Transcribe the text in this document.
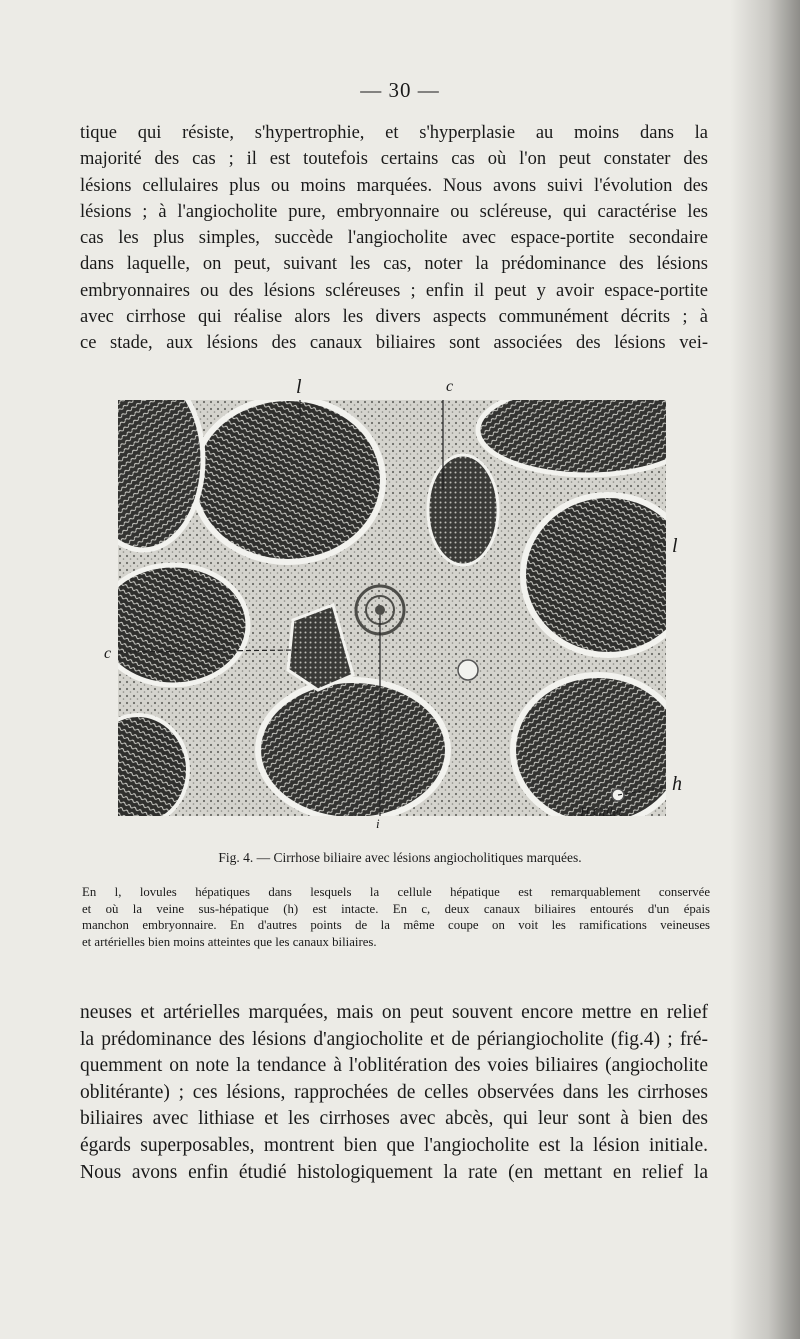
— 30 —
tique qui résiste, s'hypertrophie, et s'hyperplasie au moins dans la
majorité des cas ; il est toutefois certains cas où l'on peut constater des
lésions cellulaires plus ou moins marquées. Nous avons suivi l'évolution des
lésions ; à l'angiocholite pure, embryonnaire ou scléreuse, qui caractérise les
cas les plus simples, succède l'angiocholite avec espace-portite secondaire
dans laquelle, on peut, suivant les cas, noter la prédominance des lésions
embryonnaires ou des lésions scléreuses ; enfin il peut y avoir espace-portite
avec cirrhose qui réalise alors les divers aspects communément décrits ; à
ce stade, aux lésions des canaux biliaires sont associées des lésions vei-
l	c
l
c
h
i
H.Gillet
Fig. 4. — Cirrhose biliaire avec lésions angiocholitiques marquées.
En l, lovules hépatiques dans lesquels la cellule hépatique est remarquablement conservée
et où la veine sus-hépatique (h) est intacte. En c, deux canaux biliaires entourés d'un épais
manchon embryonnaire. En d'autres points de la même coupe on voit les ramifications veineuses
et artérielles bien moins atteintes que les canaux biliaires.
neuses et artérielles marquées, mais on peut souvent encore mettre en relief
la prédominance des lésions d'angiocholite et de périangiocholite (fig.4) ; fré-
quemment on note la tendance à l'oblitération des voies biliaires (angiocholite
oblitérante) ; ces lésions, rapprochées de celles observées dans les cirrhoses
biliaires avec lithiase et les cirrhoses avec abcès, qui leur sont à bien des
égards superposables, montrent bien que l'angiocholite est la lésion initiale.
Nous avons enfin étudié histologiquement la rate (en mettant en relief la
